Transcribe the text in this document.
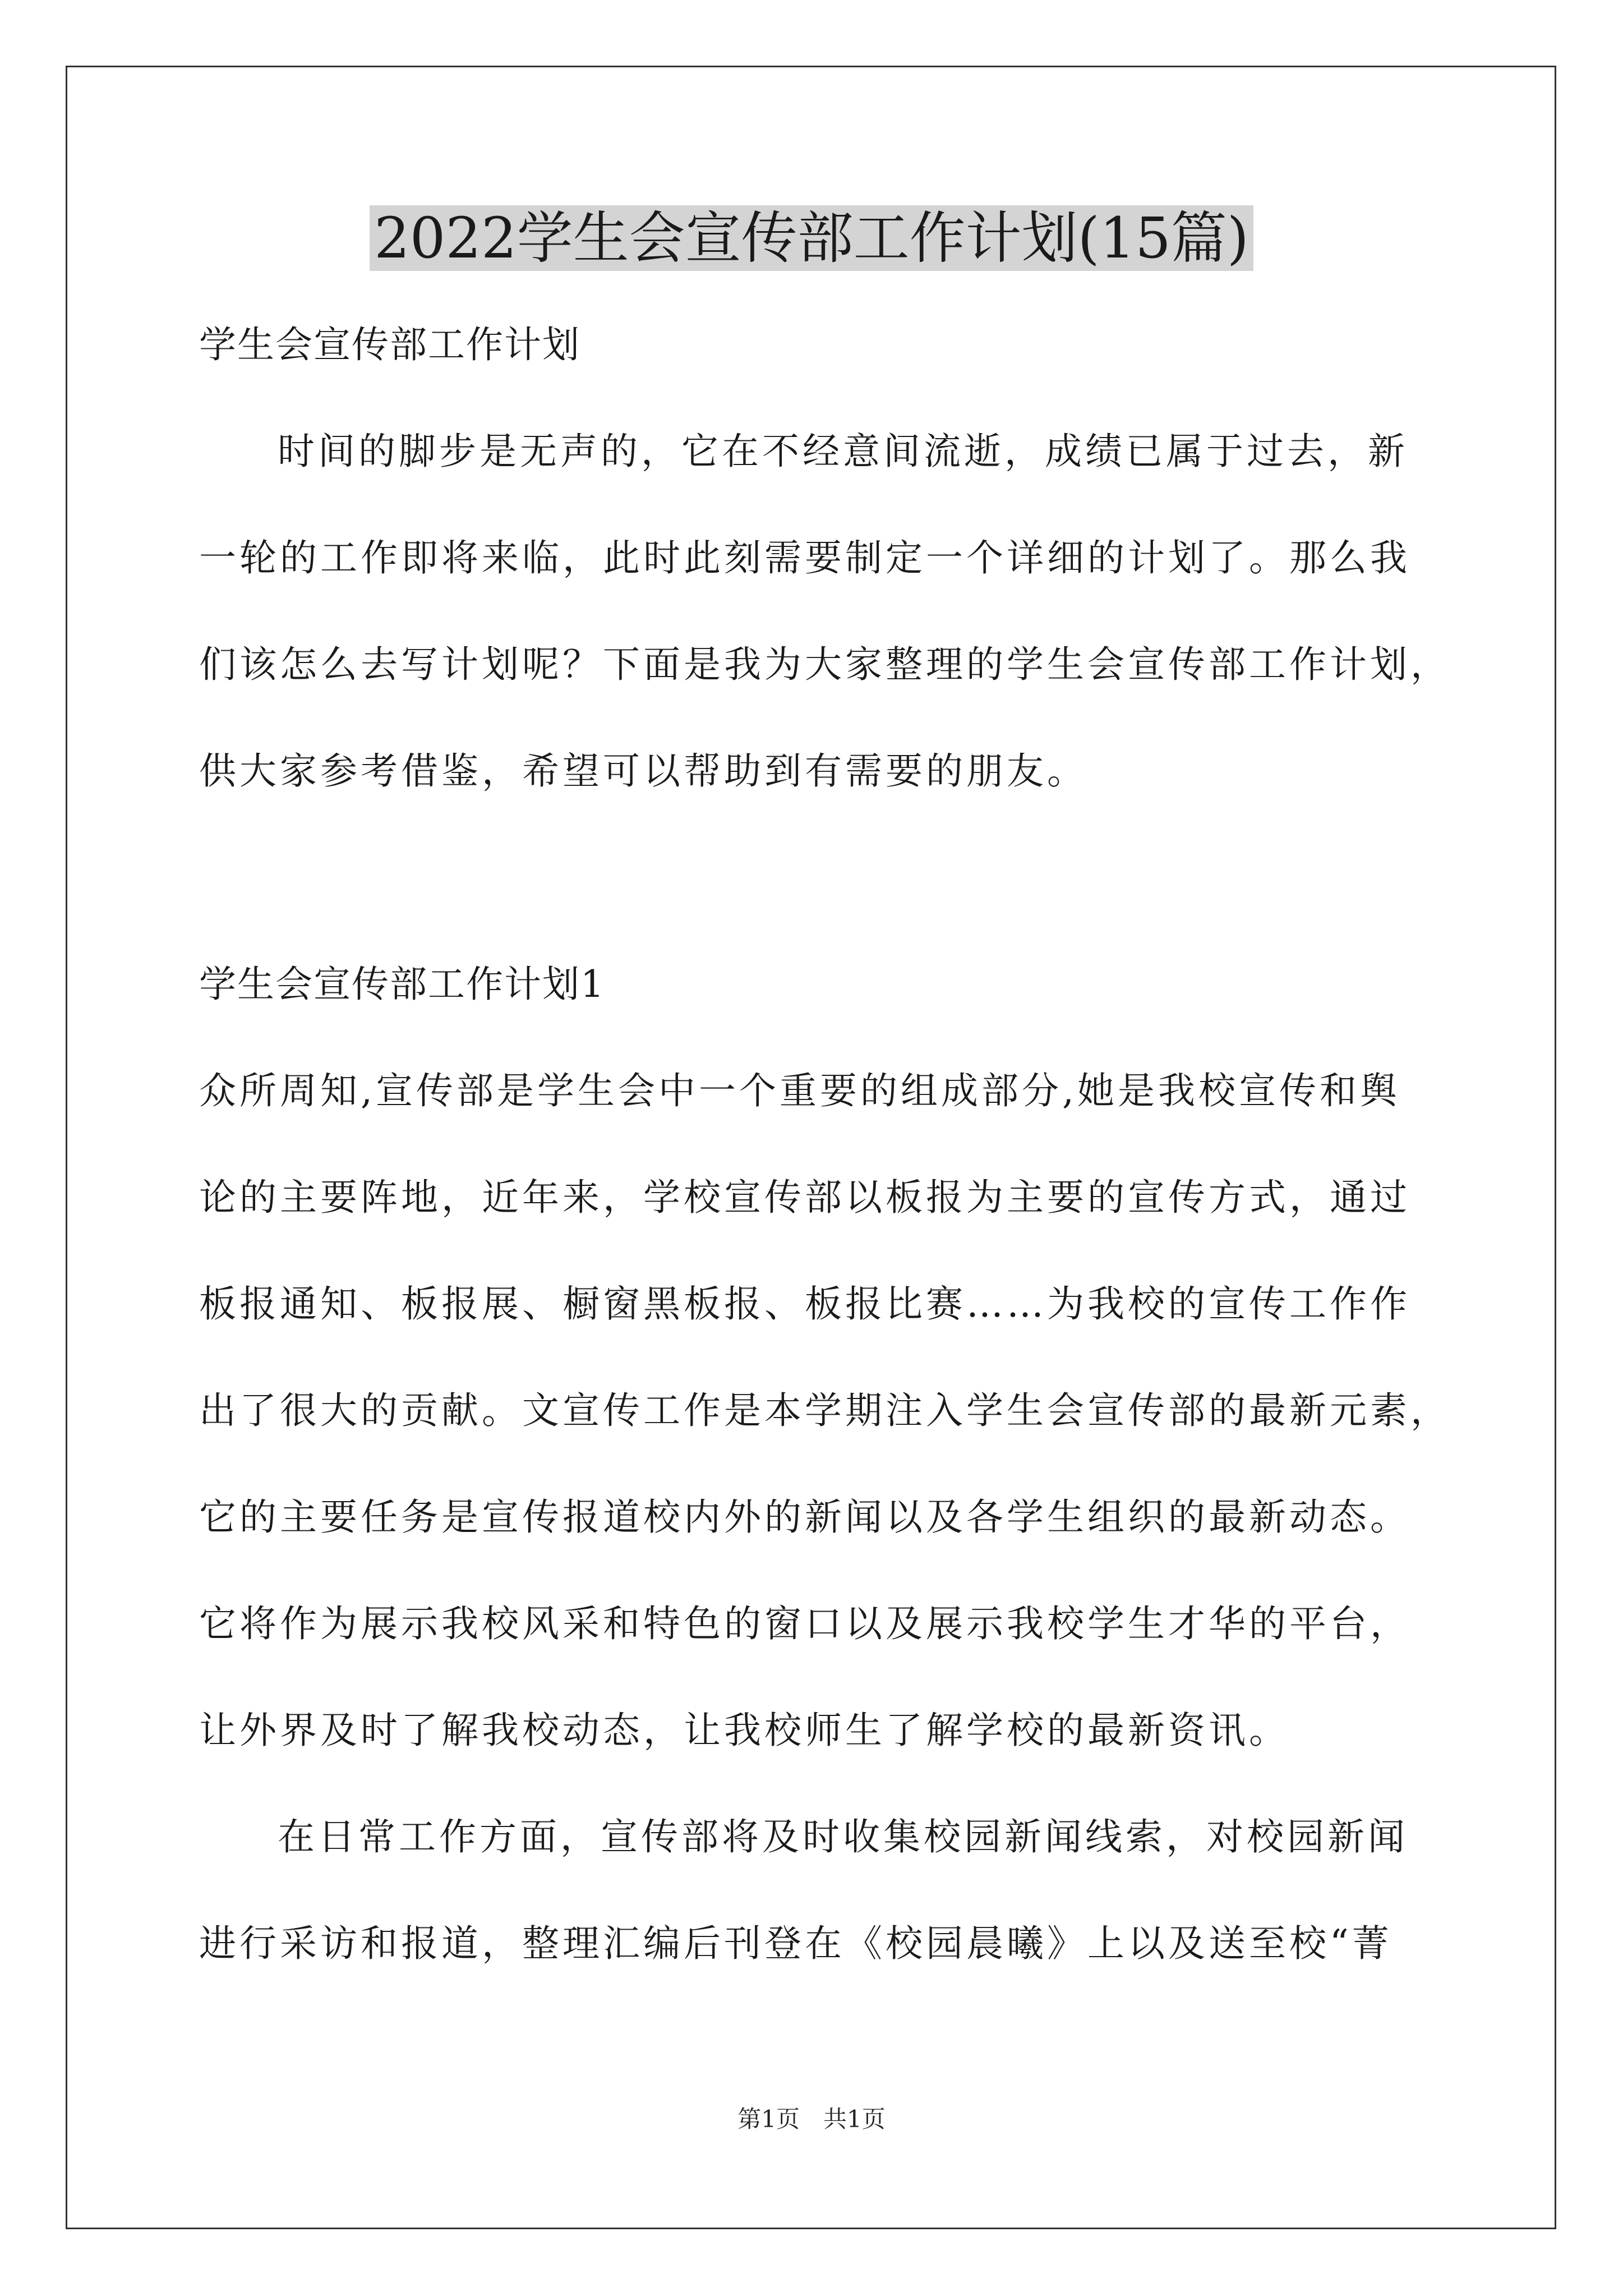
2022学生会宣传部工作计划(15篇)
学生会宣传部工作计划
时间的脚步是无声的，它在不经意间流逝，成绩已属于过去，新
一轮的工作即将来临，此时此刻需要制定一个详细的计划了。那么我
们该怎么去写计划呢？下面是我为大家整理的学生会宣传部工作计划，
供大家参考借鉴，希望可以帮助到有需要的朋友。
学生会宣传部工作计划1
众所周知,宣传部是学生会中一个重要的组成部分,她是我校宣传和舆
论的主要阵地，近年来，学校宣传部以板报为主要的宣传方式，通过
板报通知、板报展、橱窗黑板报、板报比赛……为我校的宣传工作作
出了很大的贡献。文宣传工作是本学期注入学生会宣传部的最新元素，
它的主要任务是宣传报道校内外的新闻以及各学生组织的最新动态。
它将作为展示我校风采和特色的窗口以及展示我校学生才华的平台，
让外界及时了解我校动态，让我校师生了解学校的最新资讯。
在日常工作方面，宣传部将及时收集校园新闻线索，对校园新闻
进行采访和报道，整理汇编后刊登在《校园晨曦》上以及送至校“菁
第1页　共1页
